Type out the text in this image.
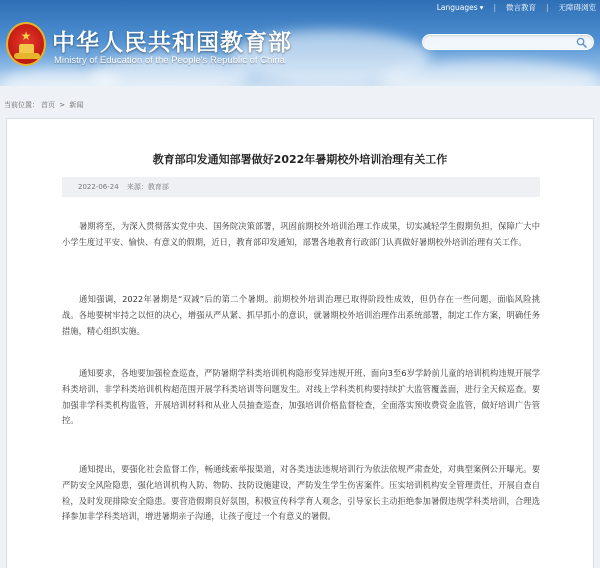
★ 中华人民共和国教育部
Ministry of Education of the People's Republic of China
Languages ▾ | 微言教育 | 无障碍浏览
当前位置： 首页 > 新闻
教育部印发通知部署做好2022年暑期校外培训治理有关工作
2022-06-24 来源：教育部
暑期将至，为深入贯彻落实党中央、国务院决策部署，巩固前期校外培训治理工作成果，切实减轻学生假期负担，保障广大中小学生度过平安、愉快、有意义的假期，近日，教育部印发通知，部署各地教育行政部门认真做好暑期校外培训治理有关工作。
通知强调，2022年暑期是“双减”后的第二个暑期。前期校外培训治理已取得阶段性成效，但仍存在一些问题，面临风险挑战。各地要树牢持之以恒的决心，增强从严从紧、抓早抓小的意识，就暑期校外培训治理作出系统部署，制定工作方案，明确任务措施，精心组织实施。
通知要求，各地要加强检查巡查，严防暑期学科类培训机构隐形变异违规开班、面向3至6岁学龄前儿童的培训机构违规开展学科类培训、非学科类培训机构超范围开展学科类培训等问题发生。对线上学科类机构要持续扩大监管覆盖面，进行全天候巡查。要加强非学科类机构监管，开展培训材料和从业人员抽查巡查，加强培训价格监督检查，全面落实预收费资金监管，做好培训广告管控。
通知提出，要强化社会监督工作，畅通线索举报渠道，对各类违法违规培训行为依法依规严肃查处，对典型案例公开曝光。要严防安全风险隐患，强化培训机构人防、物防、技防设施建设，严防发生学生伤害案件。压实培训机构安全管理责任，开展自查自检，及时发现排除安全隐患。要营造假期良好氛围，积极宣传科学育人观念，引导家长主动拒绝参加暑假违规学科类培训，合理选择参加非学科类培训，增进暑期亲子沟通，让孩子度过一个有意义的暑假。
